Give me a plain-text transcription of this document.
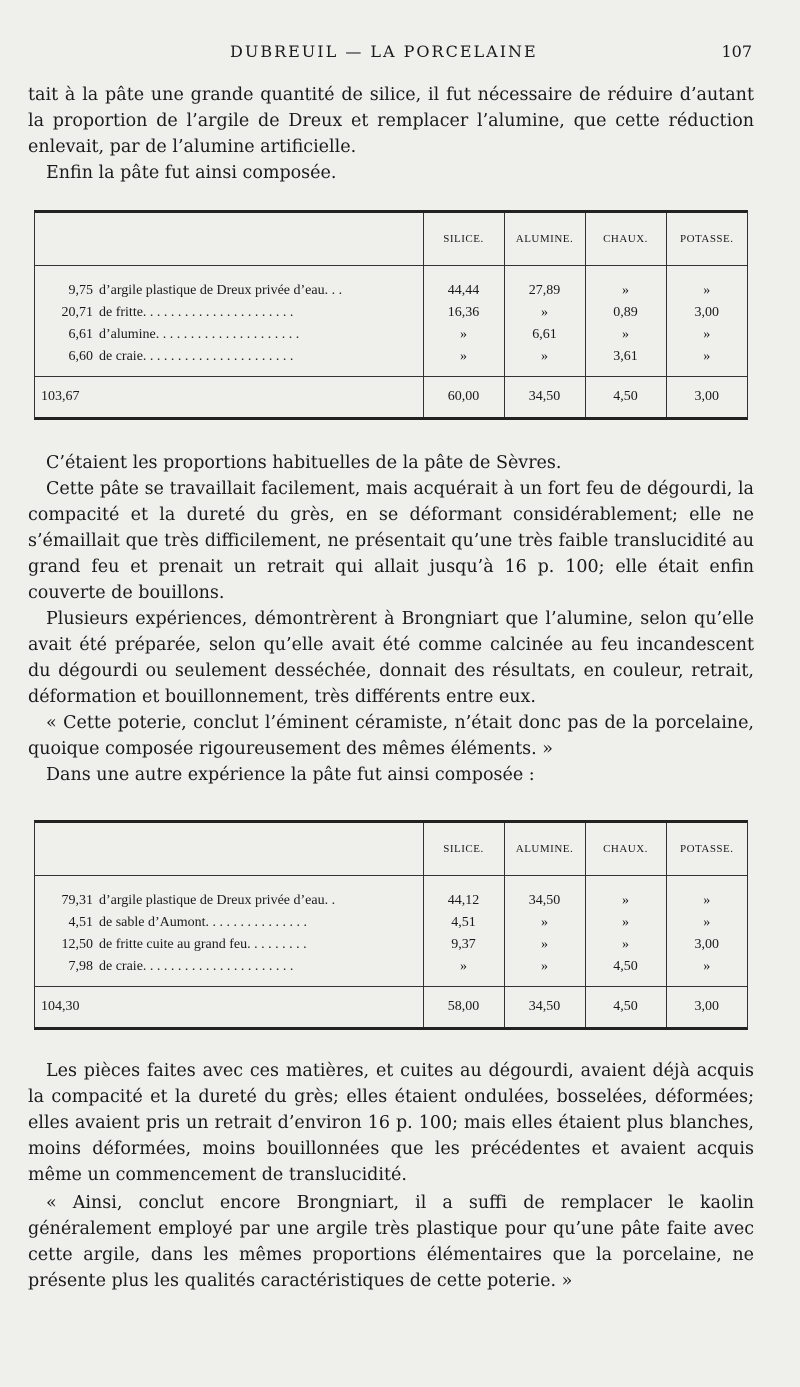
DUBREUIL — LA PORCELAINE	107

tait à la pâte une grande quantité de silice, il fut nécessaire de réduire d’autant la proportion de l’argile de Dreux et remplacer l’alumine, que cette réduction enlevait, par de l’alumine artificielle.

Enfin la pâte fut ainsi composée.

	SILICE.	ALUMINE.	CHAUX.	POTASSE.
9,75 d’argile plastique de Dreux privée d’eau. . .	44,44	27,89	»	»
20,71 de fritte. . . . . . . . . . . . . . . . . . . . . .	16,36	»	0,89	3,00
6,61 d’alumine. . . . . . . . . . . . . . . . . . . . .	»	6,61	»	»
6,60 de craie. . . . . . . . . . . . . . . . . . . . . .	»	»	3,61	»
103,67	60,00	34,50	4,50	3,00

C’étaient les proportions habituelles de la pâte de Sèvres.

Cette pâte se travaillait facilement, mais acquérait à un fort feu de dégourdi, la compacité et la dureté du grès, en se déformant considérablement; elle ne s’émaillait que très difficilement, ne présentait qu’une très faible translucidité au grand feu et prenait un retrait qui allait jusqu’à 16 p. 100; elle était enfin couverte de bouillons.

Plusieurs expériences, démontrèrent à Brongniart que l’alumine, selon qu’elle avait été préparée, selon qu’elle avait été comme calcinée au feu incandescent du dégourdi ou seulement desséchée, donnait des résultats, en couleur, retrait, déformation et bouillonnement, très différents entre eux.

« Cette poterie, conclut l’éminent céramiste, n’était donc pas de la porcelaine, quoique composée rigoureusement des mêmes éléments. »

Dans une autre expérience la pâte fut ainsi composée :

	SILICE.	ALUMINE.	CHAUX.	POTASSE.
79,31 d’argile plastique de Dreux privée d’eau. .	44,12	34,50	»	»
4,51 de sable d’Aumont. . . . . . . . . . . . . . .	4,51	»	»	»
12,50 de fritte cuite au grand feu. . . . . . . . .	9,37	»	»	3,00
7,98 de craie. . . . . . . . . . . . . . . . . . . . . .	»	»	4,50	»
104,30	58,00	34,50	4,50	3,00

Les pièces faites avec ces matières, et cuites au dégourdi, avaient déjà acquis la compacité et la dureté du grès; elles étaient ondulées, bosselées, déformées; elles avaient pris un retrait d’environ 16 p. 100; mais elles étaient plus blanches, moins déformées, moins bouillonnées que les précédentes et avaient acquis même un commencement de translucidité.

« Ainsi, conclut encore Brongniart, il a suffi de remplacer le kaolin généralement employé par une argile très plastique pour qu’une pâte faite avec cette argile, dans les mêmes proportions élémentaires que la porcelaine, ne présente plus les qualités caractéristiques de cette poterie. »
